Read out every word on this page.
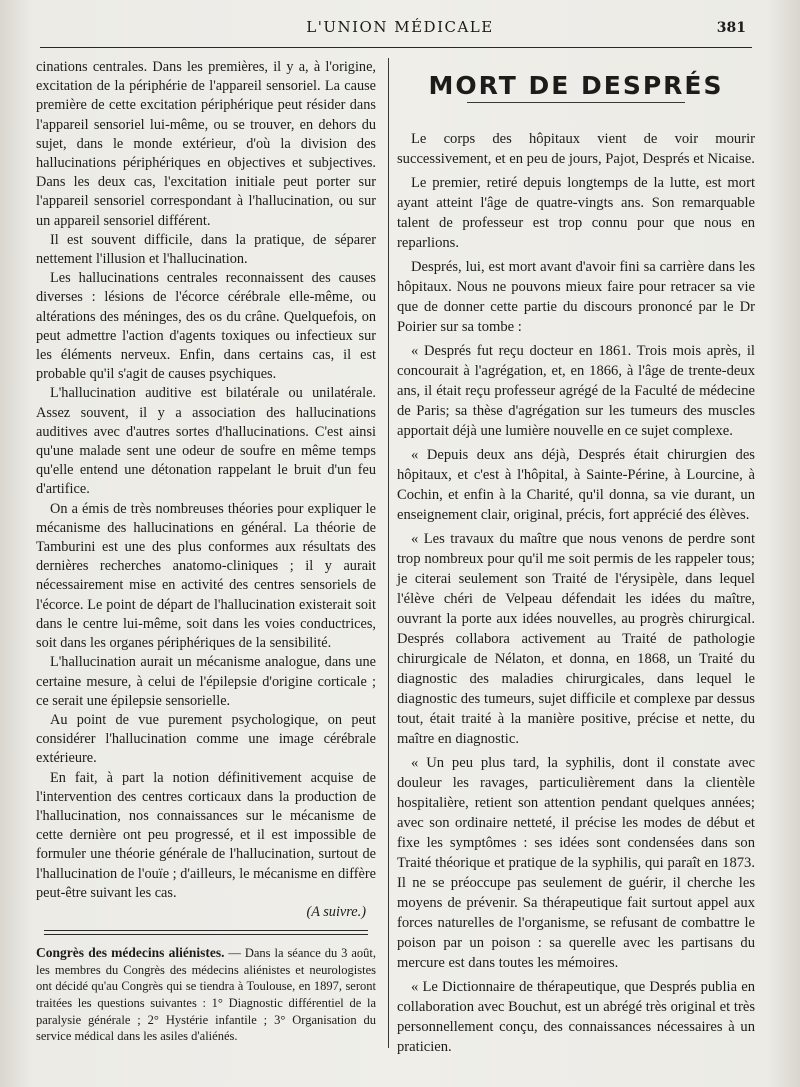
L'UNION MÉDICALE	381

cinations centrales. Dans les premières, il y a, à l'origine, excitation de la périphérie de l'appareil sensoriel. La cause première de cette excitation périphérique peut résider dans l'appareil sensoriel lui-même, ou se trouver, en dehors du sujet, dans le monde extérieur, d'où la division des hallucinations périphériques en objectives et subjectives. Dans les deux cas, l'excitation initiale peut porter sur l'appareil sensoriel correspondant à l'hallucination, ou sur un appareil sensoriel différent.

Il est souvent difficile, dans la pratique, de séparer nettement l'illusion et l'hallucination.

Les hallucinations centrales reconnaissent des causes diverses : lésions de l'écorce cérébrale elle-même, ou altérations des méninges, des os du crâne. Quelquefois, on peut admettre l'action d'agents toxiques ou infectieux sur les éléments nerveux. Enfin, dans certains cas, il est probable qu'il s'agit de causes psychiques.

L'hallucination auditive est bilatérale ou unilatérale. Assez souvent, il y a association des hallucinations auditives avec d'autres sortes d'hallucinations. C'est ainsi qu'une malade sent une odeur de soufre en même temps qu'elle entend une détonation rappelant le bruit d'un feu d'artifice.

On a émis de très nombreuses théories pour expliquer le mécanisme des hallucinations en général. La théorie de Tamburini est une des plus conformes aux résultats des dernières recherches anatomo-cliniques ; il y aurait nécessairement mise en activité des centres sensoriels de l'écorce. Le point de départ de l'hallucination existerait soit dans le centre lui-même, soit dans les voies conductrices, soit dans les organes périphériques de la sensibilité.

L'hallucination aurait un mécanisme analogue, dans une certaine mesure, à celui de l'épilepsie d'origine corticale ; ce serait une épilepsie sensorielle.

Au point de vue purement psychologique, on peut considérer l'hallucination comme une image cérébrale extérieure.

En fait, à part la notion définitivement acquise de l'intervention des centres corticaux dans la production de l'hallucination, nos connaissances sur le mécanisme de cette dernière ont peu progressé, et il est impossible de formuler une théorie générale de l'hallucination, surtout de l'hallucination de l'ouïe ; d'ailleurs, le mécanisme en diffère peut-être suivant les cas.

(A suivre.)

Congrès des médecins aliénistes. — Dans la séance du 3 août, les membres du Congrès des médecins aliénistes et neurologistes ont décidé qu'au Congrès qui se tiendra à Toulouse, en 1897, seront traitées les questions suivantes : 1° Diagnostic différentiel de la paralysie générale ; 2° Hystérie infantile ; 3° Organisation du service médical dans les asiles d'aliénés.

MORT DE DESPRÉS

Le corps des hôpitaux vient de voir mourir successivement, et en peu de jours, Pajot, Després et Nicaise.

Le premier, retiré depuis longtemps de la lutte, est mort ayant atteint l'âge de quatre-vingts ans. Son remarquable talent de professeur est trop connu pour que nous en reparlions.

Després, lui, est mort avant d'avoir fini sa carrière dans les hôpitaux. Nous ne pouvons mieux faire pour retracer sa vie que de donner cette partie du discours prononcé par le Dr Poirier sur sa tombe :

« Després fut reçu docteur en 1861. Trois mois après, il concourait à l'agrégation, et, en 1866, à l'âge de trente-deux ans, il était reçu professeur agrégé de la Faculté de médecine de Paris; sa thèse d'agrégation sur les tumeurs des muscles apportait déjà une lumière nouvelle en ce sujet complexe.

« Depuis deux ans déjà, Després était chirurgien des hôpitaux, et c'est à l'hôpital, à Sainte-Périne, à Lourcine, à Cochin, et enfin à la Charité, qu'il donna, sa vie durant, un enseignement clair, original, précis, fort apprécié des élèves.

« Les travaux du maître que nous venons de perdre sont trop nombreux pour qu'il me soit permis de les rappeler tous; je citerai seulement son Traité de l'érysipèle, dans lequel l'élève chéri de Velpeau défendait les idées du maître, ouvrant la porte aux idées nouvelles, au progrès chirurgical. Després collabora activement au Traité de pathologie chirurgicale de Nélaton, et donna, en 1868, un Traité du diagnostic des maladies chirurgicales, dans lequel le diagnostic des tumeurs, sujet difficile et complexe par dessus tout, était traité à la manière positive, précise et nette, du maître en diagnostic.

« Un peu plus tard, la syphilis, dont il constate avec douleur les ravages, particulièrement dans la clientèle hospitalière, retient son attention pendant quelques années; avec son ordinaire netteté, il précise les modes de début et fixe les symptômes : ses idées sont condensées dans son Traité théorique et pratique de la syphilis, qui paraît en 1873. Il ne se préoccupe pas seulement de guérir, il cherche les moyens de prévenir. Sa thérapeutique fait surtout appel aux forces naturelles de l'organisme, se refusant de combattre le poison par un poison : sa querelle avec les partisans du mercure est dans toutes les mémoires.

« Le Dictionnaire de thérapeutique, que Després publia en collaboration avec Bouchut, est un abrégé très original et très personnellement conçu, des connaissances nécessaires à un praticien.
